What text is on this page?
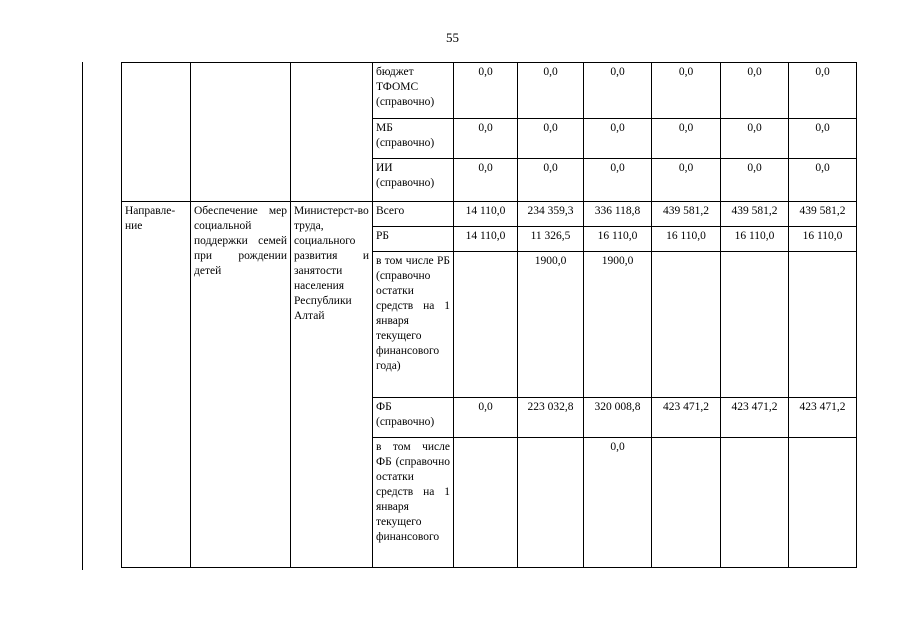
55
			бюджет ТФОМС (справочно)	0,0	0,0	0,0	0,0	0,0	0,0
			МБ (справочно)	0,0	0,0	0,0	0,0	0,0	0,0
			ИИ (справочно)	0,0	0,0	0,0	0,0	0,0	0,0
Направле-ние	Обеспечение мер социальной поддержки семей при рождении детей	Министерст-во труда, социального развития и занятости населения Республики Алтай	Всего	14 110,0	234 359,3	336 118,8	439 581,2	439 581,2	439 581,2
			РБ	14 110,0	11 326,5	16 110,0	16 110,0	16 110,0	16 110,0
			в том числе РБ (справочно остатки средств на 1 января текущего финансового года)		1900,0	1900,0			
			ФБ (справочно)	0,0	223 032,8	320 008,8	423 471,2	423 471,2	423 471,2
			в том числе ФБ (справочно остатки средств на 1 января текущего финансового			0,0			
